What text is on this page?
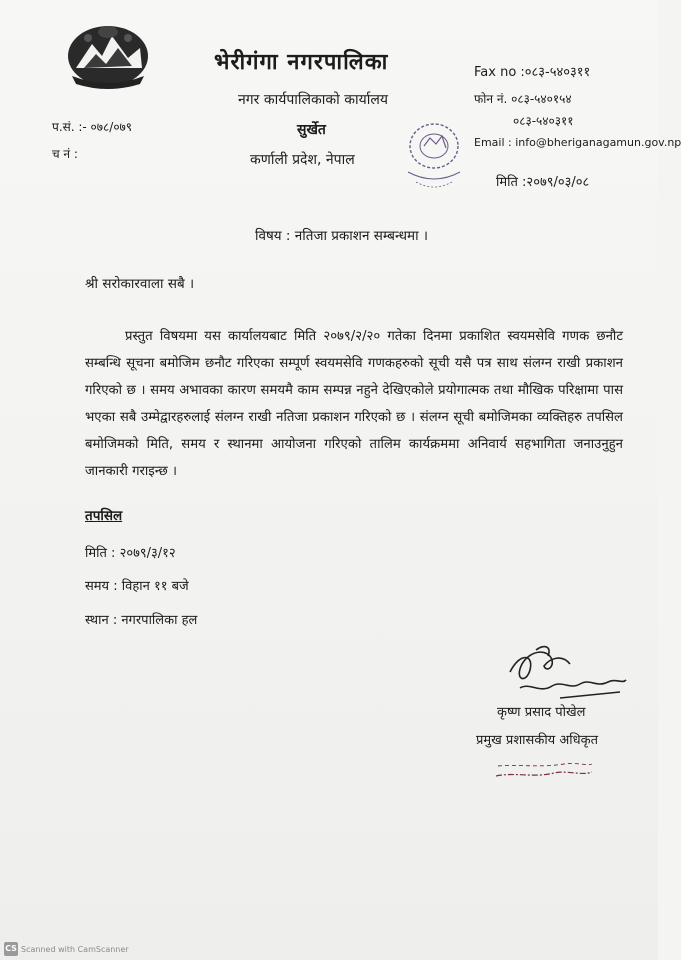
भेरीगंगा नगरपालिका
नगर कार्यपालिकाको कार्यालय
सुर्खेत
कर्णाली प्रदेश, नेपाल
Fax no :०८३-५४०३११
फोन नं. ०८३-५४०१५४
०८३-५४०३११
Email : info@bheriganagamun.gov.np
मिति :२०७९/०३/०८
प.सं. :- ०७८/०७९
च नं :
विषय : नतिजा प्रकाशन सम्बन्धमा ।
श्री सरोकारवाला सबै ।
प्रस्तुत विषयमा यस कार्यालयबाट मिति २०७९/२/२० गतेका दिनमा प्रकाशित स्वयमसेवि गणक छनौट सम्बन्धि सूचना बमोजिम छनौट गरिएका सम्पूर्ण स्वयमसेवि गणकहरुको सूची यसै पत्र साथ संलग्न राखी प्रकाशन गरिएको छ । समय अभावका कारण समयमै काम सम्पन्न नहुने देखिएकोले प्रयोगात्मक तथा मौखिक परिक्षामा पास भएका सबै उम्मेद्वारहरुलाई संलग्न राखी नतिजा प्रकाशन गरिएको छ । संलग्न सूची बमोजिमका व्यक्तिहरु तपसिल बमोजिमको मिति, समय र स्थानमा आयोजना गरिएको तालिम कार्यक्रममा अनिवार्य सहभागिता जनाउनुहुन जानकारी गराइन्छ ।
तपसिल
मिति : २०७९/३/१२
समय : विहान ११ बजे
स्थान : नगरपालिका हल
कृष्ण प्रसाद पोखेल
प्रमुख प्रशासकीय अधिकृत
CS Scanned with CamScanner
